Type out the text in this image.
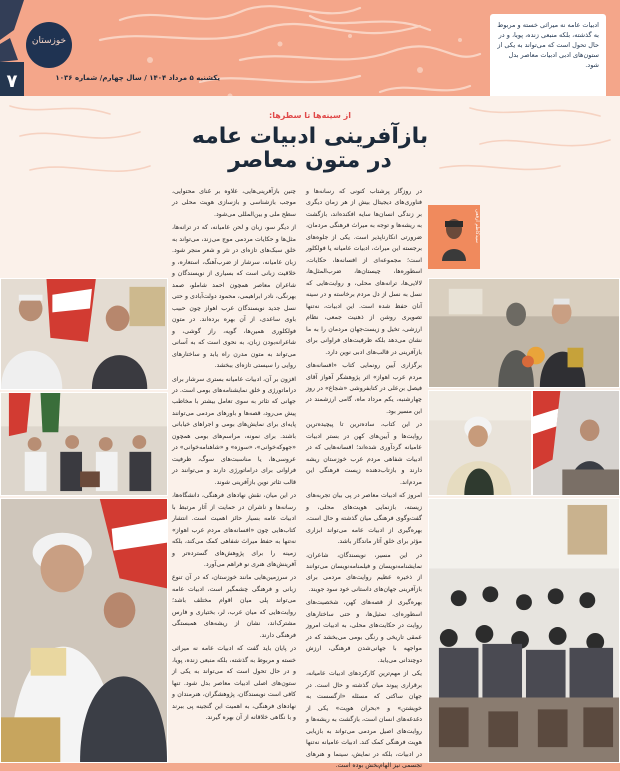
۷
خوزستان
یکشنبه ۵ مرداد ۱۴۰۴ / سال چهارم/ شماره ۱۰۳۶
ادبیات عامه نه میراثی خسته و مربوط به گذشته، بلکه منبعی زنده، پویا، و در حال تحول است که می‌تواند به یکی از ستون‌های ادبی ادبیات معاصر بدل شود.
از سینه‌ها تا سطرها:
بازآفرینی ادبیات عامه
در متون معاصر
سیدکاظم ارفعی

در روزگار پرشتاب کنونی که رسانه‌ها و فناوری‌های دیجیتال بیش از هر زمان دیگری بر زندگی انسان‌ها سایه افکنده‌اند، بازگشت به ریشه‌ها و توجه به میراث فرهنگی مردمان، ضرورتی انکارناپذیر است. یکی از جلوه‌های برجسته این میراث، ادبیات عامیانه یا فولکلور است؛ مجموعه‌ای از افسانه‌ها، حکایات، اسطوره‌ها، چیستان‌ها، ضرب‌المثل‌ها، لالایی‌ها، ترانه‌های محلی، و روایت‌هایی که نسل به نسل از دل مردم برخاسته و در سینه آنان حفظ شده است. این ادبیات، نه‌تنها تصویری روشن از ذهنیت جمعی، نظام ارزشی، تخیل و زیست‌جهان مردمان را به ما نشان می‌دهد بلکه ظرفیت‌های فراوانی برای بازآفرینی در قالب‌های ادبی نوین دارد.

برگزاری آیین رونمایی کتاب «افسانه‌های مردم عرب اهواز» اثر پژوهشگر آهواز آقای فیصل بن‌علی در کتابفروشی «شجاع» در روز چهارشنبه، یکم مرداد ماه، گامی ارزشمند در این مسیر بود.

در این کتاب، ساده‌ترین تا پیچیده‌ترین روایت‌ها و آیین‌های کهن در بستر ادبیات عامیانه گردآوری شده‌اند؛ افسانه‌هایی که در ادبیات شفاهی مردم عرب خوزستان ریشه دارند و بازتاب‌دهنده زیست فرهنگی این مردم‌اند.

امروز که ادبیات معاصر در پی بیان تجربه‌های زیسته، بازنمایی هویت‌های محلی، و گفت‌وگوی فرهنگی میان گذشته و حال است، بهره‌گیری از ادبیات عامه می‌تواند ابزاری مؤثر برای خلق آثار ماندگار باشد.

در این مسیر، نویسندگان، شاعران، نمایشنامه‌نویسان و فیلمنامه‌نویسان می‌توانند از ذخیره عظیم روایت‌های مردمی برای بازآفرینی جهان‌های داستانی خود سود جویند.

بهره‌گیری از قصه‌های کهن، شخصیت‌های اسطوره‌ای، تمثیل‌ها، و حتی ساختارهای روایت در حکایت‌های محلی، به ادبیات امروز عمقی تاریخی و رنگی بومی می‌بخشد که در مواجهه با جهانی‌شدن فرهنگی، ارزش دوچندانی می‌یابد.

یکی از مهم‌ترین کارکردهای ادبیات عامیانه، برقراری پیوند میان گذشته و حال است. در جهان ساکتی که مسئله «ازگسست به خویشتن» و «بحران هویت» یکی از دغدغه‌های انسان است، بازگشت به ریشه‌ها و روایت‌های اصیل مردمی می‌تواند به بازیابی هویت فرهنگی کمک کند. ادبیات عامیانه نه‌تنها در ادبیات، بلکه در نمایش، سینما و هنرهای تجسمی نیز الهام‌بخش بوده است.

چنین بازآفرینی‌هایی، علاوه بر غنای محتوایی، موجب بازشناسی و بازسازی هویت محلی در سطح ملی و بین‌المللی می‌شود.

از دیگر سو، زبان و لحن عامیانه، که در ترانه‌ها، مثل‌ها و حکایات مردمی موج می‌زند، می‌تواند به خلق سبک‌های تازه‌ای در نثر و شعر منجر شود. زبان عامیانه، سرشار از ضرب‌آهنگ، استعاره، و خلاقیت زبانی است که بسیاری از نویسندگان و شاعران معاصر همچون احمد شاملو، صمد بهرنگی، نادر ابراهیمی، محمود دولت‌آبادی و حتی نسل جدید نویسندگان عرب اهواز چون حبیب باوی ساعدی، از آن بهره برده‌اند. در متون فولکلوری همین‌ها، گویه، راز گوشی، و شاعرانه‌بودن زبان، به نحوی است که به آسانی می‌تواند به متون مدرن راه یابد و ساختارهای روایی را سیستی تازه‌ای ببخشد.

افزون بر آن، ادبیات عامیانه بستری سرشار برای دراماتورژی و خلق نمایشنامه‌های بومی است. در جهانی که تئاتر به سوی تعامل بیشتر با مخاطب پیش می‌رود، قصه‌ها و باورهای مردمی می‌توانند پایه‌ای برای نمایش‌های بومی و اجراهای خیابانی باشند. برای نمونه، مراسم‌های بومی همچون «جهوکه‌خوانی»، «سوزه» و «شاهنامه‌خوانی» در عروسی‌ها، یا مناسبت‌های سوگ، ظرفیت فراوانی برای دراماتورژی دارند و می‌توانند در قالب تئاتر نوین بازآفرینی شوند.

در این میان، نقش نهادهای فرهنگی، دانشگاه‌ها، رسانه‌ها و ناشران در حمایت از آثار مرتبط با ادبیات عامه بسیار حائز اهمیت است. انتشار کتاب‌هایی چون «افسانه‌های مردم عرب اهواز» نه‌تنها به حفظ میراث شفاهی کمک می‌کند، بلکه زمینه را برای پژوهش‌های گسترده‌تر و آفرینش‌های هنری نو فراهم می‌آورد.

در سرزمین‌هایی مانند خوزستان، که در آن تنوع زبانی و فرهنگی چشمگیر است، ادبیات عامه می‌تواند پلی میان اقوام مختلف باشد؛ روایت‌هایی که میان عرب، لر، بختیاری و فارس مشترک‌اند، نشان از ریشه‌های همبستگی فرهنگی دارند.

در پایان باید گفت که ادبیات عامه نه میراثی خسته و مربوط به گذشته، بلکه منبعی زنده، پویا، و در حال تحول است که می‌تواند به یکی از ستون‌های اصلی ادبیات معاصر بدل شود. تنها کافی است نویسندگان، پژوهشگران، هنرمندان و نهادهای فرهنگی، به اهمیت این گنجینه پی ببرند و با نگاهی خلاقانه از آن بهره گیرند.
